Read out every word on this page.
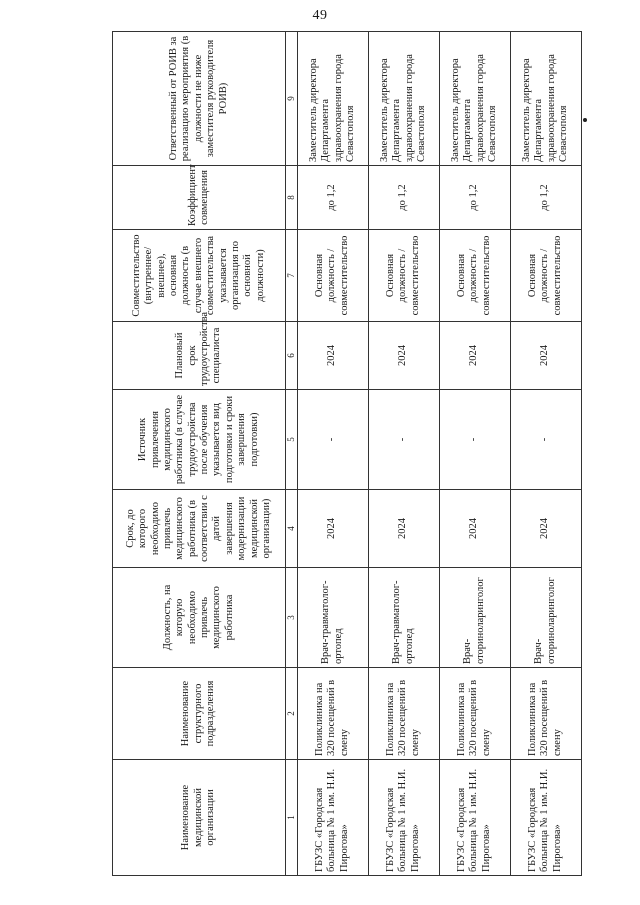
49
Наименование медицинской организации	Наименование структурного подразделения	Должность, на которую необходимо привлечь медицинского работника	Срок, до которого необходимо привлечь медицинского работника (в соответствии с датой завершения модернизации медицинской организации)	Источник привлечения медицинского работника (в случае трудоустройства после обучения указывается вид подготовки и сроки завершения подготовки)	Плановый срок трудоустройства специалиста	Совместительство (внутреннее/внешнее), основная должность (в случае внешнего совместительства указывается организация по основной должности)	Коэффициент совмещения	Ответственный от РОИВ за реализацию мероприятия (в должности не ниже заместителя руководителя РОИВ)
1	2	3	4	5	6	7	8	9
ГБУЗС «Городская больница № 1 им. Н.И. Пирогова»	Поликлиника на 320 посещений в смену	Врач-травматолог-ортопед	2024	-	2024	Основная должность / совместительство	до 1,2	Заместитель директора Департамента здравоохранения города Севастополя
ГБУЗС «Городская больница № 1 им. Н.И. Пирогова»	Поликлиника на 320 посещений в смену	Врач-травматолог-ортопед	2024	-	2024	Основная должность / совместительство	до 1,2	Заместитель директора Департамента здравоохранения города Севастополя
ГБУЗС «Городская больница № 1 им. Н.И. Пирогова»	Поликлиника на 320 посещений в смену	Врач-оториноларинголог	2024	-	2024	Основная должность / совместительство	до 1,2	Заместитель директора Департамента здравоохранения города Севастополя
ГБУЗС «Городская больница № 1 им. Н.И. Пирогова»	Поликлиника на 320 посещений в смену	Врач-оториноларинголог	2024	-	2024	Основная должность / совместительство	до 1,2	Заместитель директора Департамента здравоохранения города Севастополя
